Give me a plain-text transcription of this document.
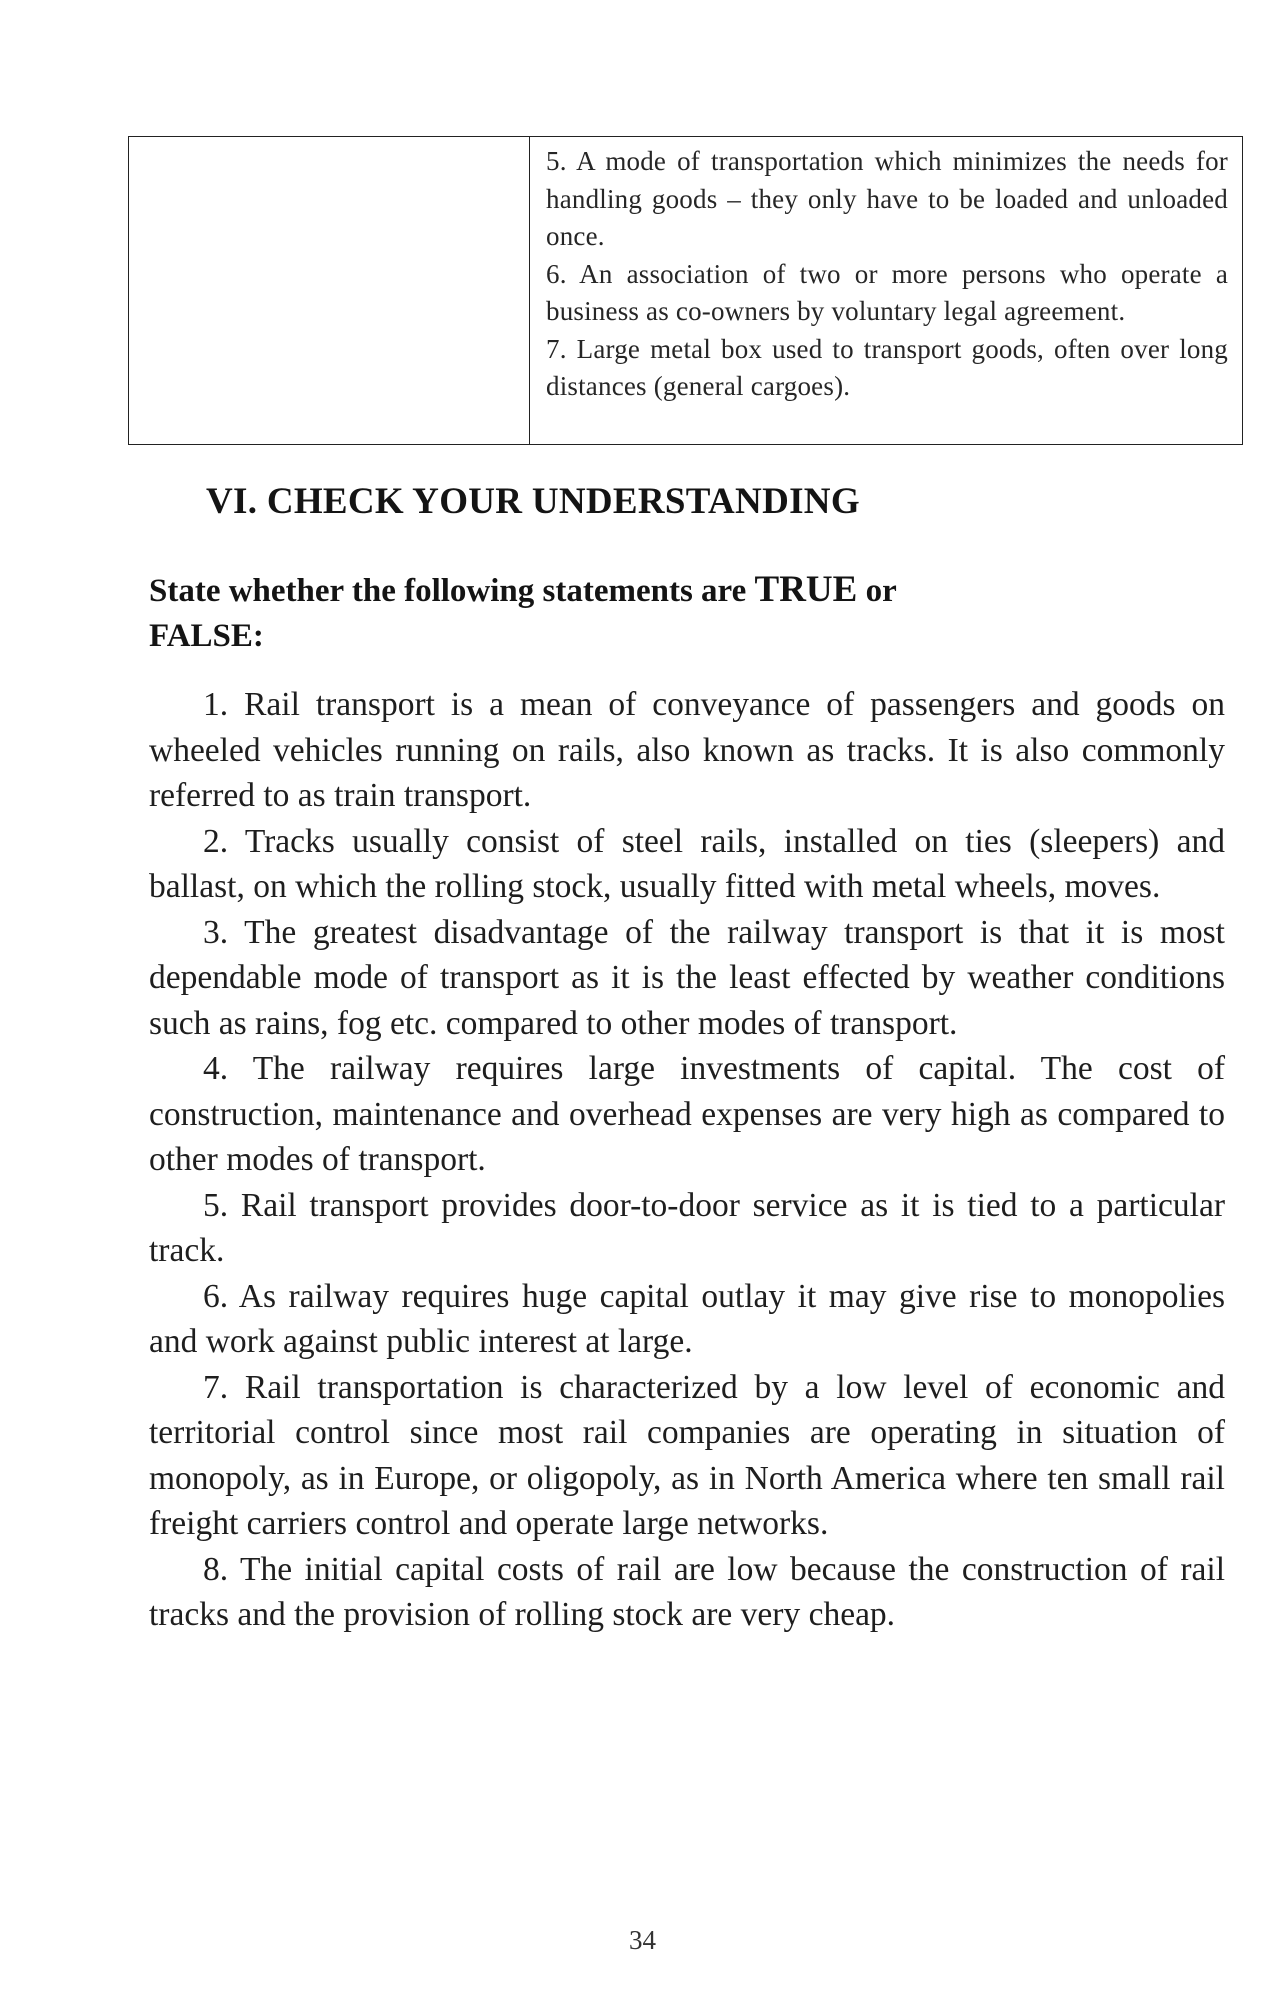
5. A mode of transportation which minimizes the needs for handling goods – they only have to be loaded and unloaded once.

6. An association of two or more persons who operate a business as co-owners by voluntary legal agreement.

7. Large metal box used to transport goods, often over long distances (general cargoes).

VI. CHECK YOUR UNDERSTANDING

State whether the following statements are TRUE or
FALSE:

1. Rail transport is a mean of conveyance of passengers and goods on wheeled vehicles running on rails, also known as tracks. It is also commonly referred to as train transport.
2. Tracks usually consist of steel rails, installed on ties (sleepers) and ballast, on which the rolling stock, usually fitted with metal wheels, moves.
3. The greatest disadvantage of the railway transport is that it is most dependable mode of transport as it is the least effected by weather conditions such as rains, fog etc. compared to other modes of transport.
4. The railway requires large investments of capital. The cost of construction, maintenance and overhead expenses are very high as compared to other modes of transport.
5. Rail transport provides door-to-door service as it is tied to a particular track.
6. As railway requires huge capital outlay it may give rise to monopolies and work against public interest at large.
7. Rail transportation is characterized by a low level of economic and territorial control since most rail companies are operating in situation of monopoly, as in Europe, or oligopoly, as in North America where ten small rail freight carriers control and operate large networks.
8. The initial capital costs of rail are low because the construction of rail tracks and the provision of rolling stock are very cheap.
34
